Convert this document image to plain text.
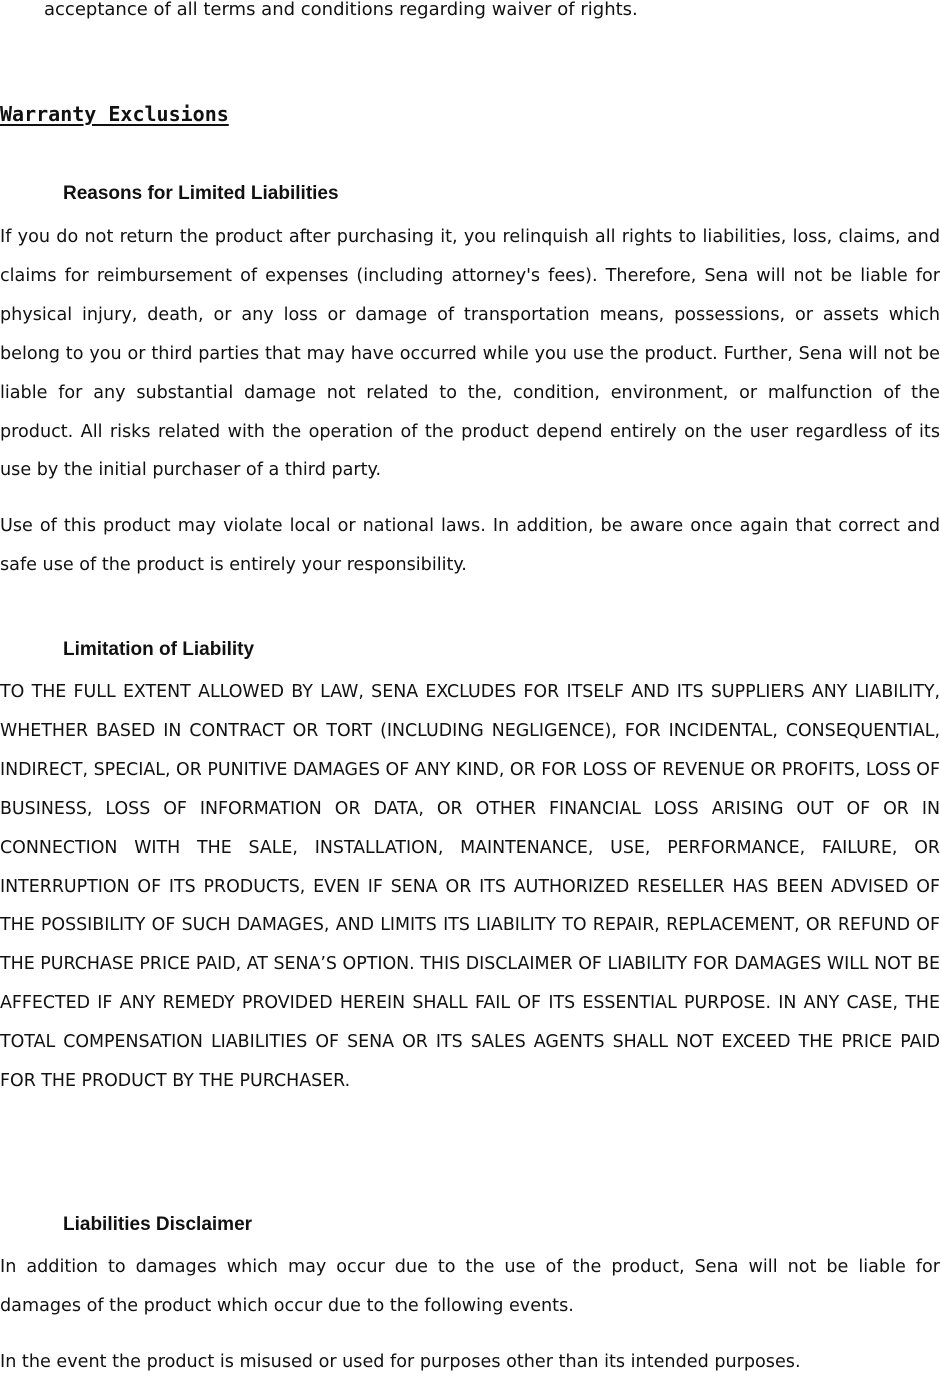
acceptance of all terms and conditions regarding waiver of rights.
Warranty Exclusions
Reasons for Limited Liabilities

If you do not return the product after purchasing it, you relinquish all rights to liabilities, loss, claims, and claims for reimbursement of expenses (including attorney's fees). Therefore, Sena will not be liable for physical injury, death, or any loss or damage of transportation means, possessions, or assets which belong to you or third parties that may have occurred while you use the product. Further, Sena will not be liable for any substantial damage not related to the, condition, environment, or malfunction of the product. All risks related with the operation of the product depend entirely on the user regardless of its use by the initial purchaser of a third party.

Use of this product may violate local or national laws. In addition, be aware once again that correct and safe use of the product is entirely your responsibility.

Limitation of Liability

TO THE FULL EXTENT ALLOWED BY LAW, SENA EXCLUDES FOR ITSELF AND ITS SUPPLIERS ANY LIABILITY, WHETHER BASED IN CONTRACT OR TORT (INCLUDING NEGLIGENCE), FOR INCIDENTAL, CONSEQUENTIAL, INDIRECT, SPECIAL, OR PUNITIVE DAMAGES OF ANY KIND, OR FOR LOSS OF REVENUE OR PROFITS, LOSS OF BUSINESS, LOSS OF INFORMATION OR DATA, OR OTHER FINANCIAL LOSS ARISING OUT OF OR IN CONNECTION WITH THE SALE, INSTALLATION, MAINTENANCE, USE, PERFORMANCE, FAILURE, OR INTERRUPTION OF ITS PRODUCTS, EVEN IF SENA OR ITS AUTHORIZED RESELLER HAS BEEN ADVISED OF THE POSSIBILITY OF SUCH DAMAGES, AND LIMITS ITS LIABILITY TO REPAIR, REPLACEMENT, OR REFUND OF THE PURCHASE PRICE PAID, AT SENA’S OPTION. THIS DISCLAIMER OF LIABILITY FOR DAMAGES WILL NOT BE AFFECTED IF ANY REMEDY PROVIDED HEREIN SHALL FAIL OF ITS ESSENTIAL PURPOSE. IN ANY CASE, THE TOTAL COMPENSATION LIABILITIES OF SENA OR ITS SALES AGENTS SHALL NOT EXCEED THE PRICE PAID FOR THE PRODUCT BY THE PURCHASER.

Liabilities Disclaimer

In addition to damages which may occur due to the use of the product, Sena will not be liable for damages of the product which occur due to the following events.

In the event the product is misused or used for purposes other than its intended purposes.
